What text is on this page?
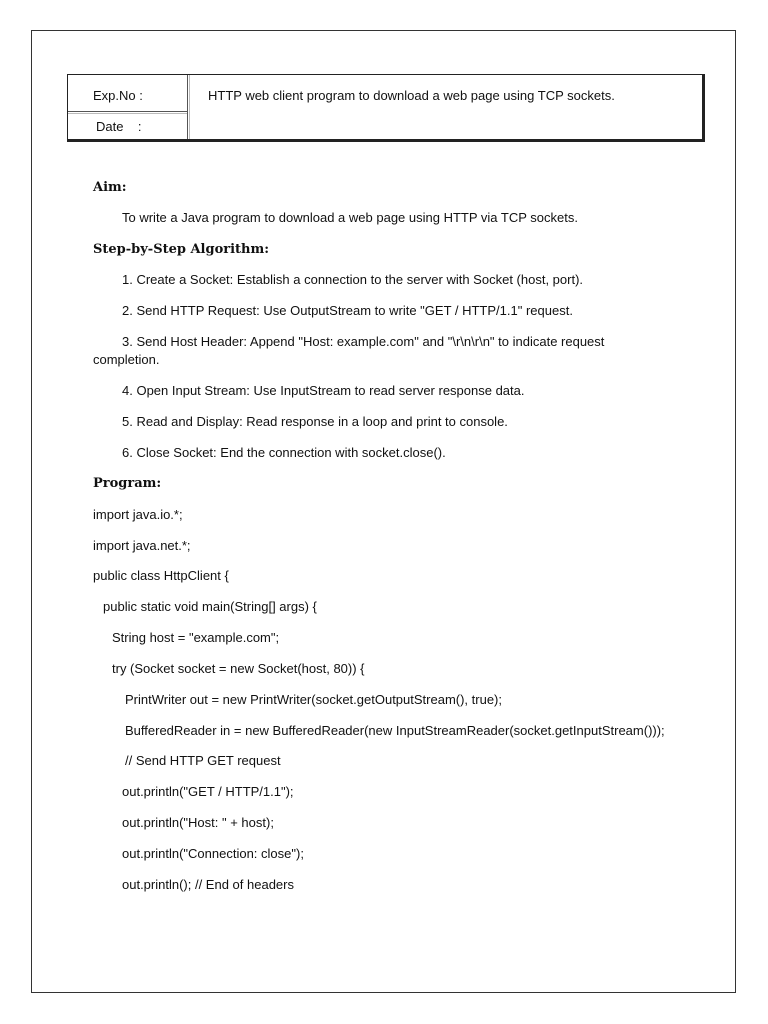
Exp.No :
Date    :
HTTP web client program to download a web page using TCP sockets.
Aim:
To write a Java program to download a web page using HTTP via TCP sockets.
Step-by-Step Algorithm:
1. Create a Socket: Establish a connection to the server with Socket (host, port).
2. Send HTTP Request: Use OutputStream to write "GET / HTTP/1.1" request.
3. Send Host Header: Append "Host: example.com" and "\r\n\r\n" to indicate request
completion.
4. Open Input Stream: Use InputStream to read server response data.
5. Read and Display: Read response in a loop and print to console.
6. Close Socket: End the connection with socket.close().
Program:
import java.io.*;
import java.net.*;
public class HttpClient {
public static void main(String[] args) {
String host = "example.com";
try (Socket socket = new Socket(host, 80)) {
PrintWriter out = new PrintWriter(socket.getOutputStream(), true);
BufferedReader in = new BufferedReader(new InputStreamReader(socket.getInputStream()));
// Send HTTP GET request
out.println("GET / HTTP/1.1");
out.println("Host: " + host);
out.println("Connection: close");
out.println(); // End of headers
